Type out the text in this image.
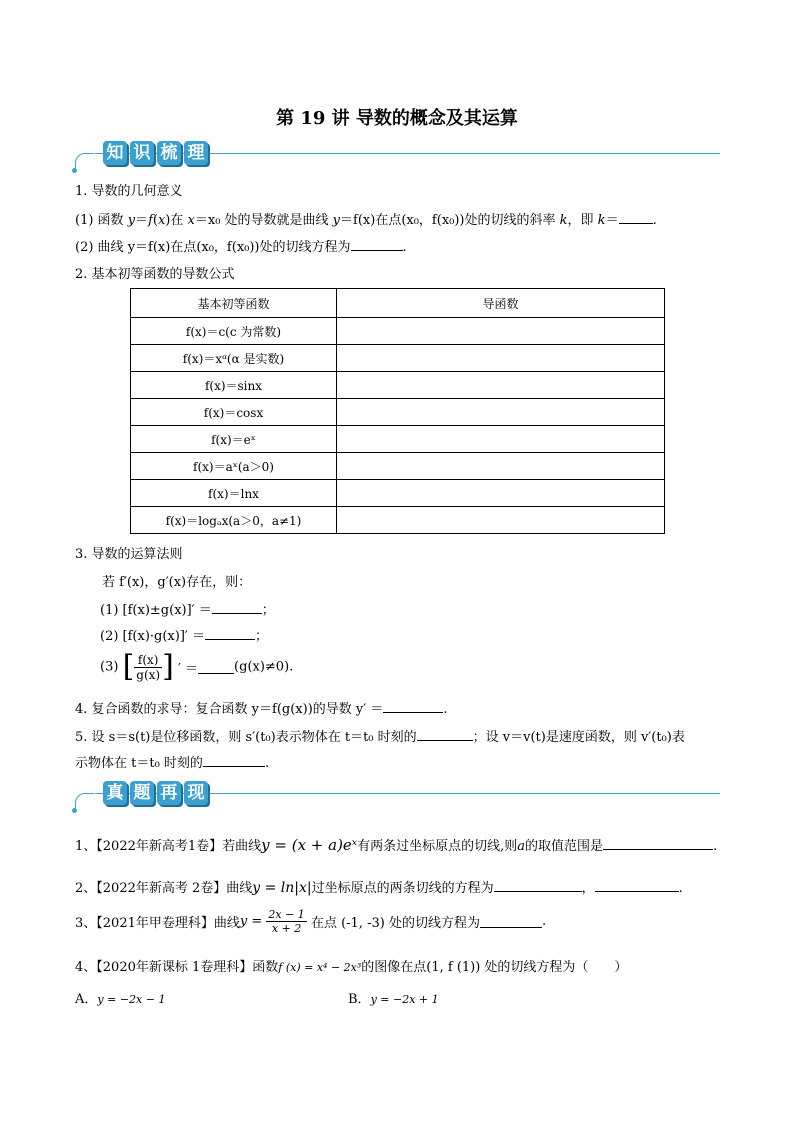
第 19 讲 导数的概念及其运算
知 识 梳 理
1. 导数的几何意义
(1) 函数 y＝f(x)在 x＝x₀ 处的导数就是曲线 y＝f(x)在点(x₀，f(x₀))处的切线的斜率 k，即 k＝	.
(2) 曲线 y＝f(x)在点(x₀，f(x₀))处的切线方程为	.
2. 基本初等函数的导数公式
基本初等函数	导函数
f(x)＝c(c 为常数)	
f(x)＝xᵅ(α 是实数)	
f(x)＝sinx	
f(x)＝cosx	
f(x)＝eˣ	
f(x)＝aˣ(a＞0)	
f(x)＝lnx	
f(x)＝logₐx(a＞0，a≠1)	
3. 导数的运算法则
若 f′(x)，g′(x)存在，则：
(1) [f(x)±g(x)]′ ＝	；
(2) [f(x)·g(x)]′ ＝	；
(3) [ $\frac{f(x)}{g(x)}$ ] ′ ＝	(g(x)≠0).
4. 复合函数的求导：复合函数 y＝f(g(x))的导数 y′ ＝	.
5. 设 s＝s(t)是位移函数，则 s′(t₀)表示物体在 t＝t₀ 时刻的	；设 v＝v(t)是速度函数，则 v′(t₀)表
示物体在 t＝t₀ 时刻的	.
真 题 再 现
1、【2022年新高考1卷】若曲线y = (x + a)eˣ有两条过坐标原点的切线,则a的取值范围是	.
2、【2022年新高考 2卷】曲线y = ln|x|过坐标原点的两条切线的方程为	，	.
3、【2021年甲卷理科】曲线$y = \frac{2x - 1}{x + 2}$ 在点 (-1, -3) 处的切线方程为	.
4、【2020年新课标 1卷理科】函数f (x) = x⁴ − 2x³的图像在点(1, f (1)) 处的切线方程为（　　）
A．y = −2x − 1	B．y = −2x + 1
